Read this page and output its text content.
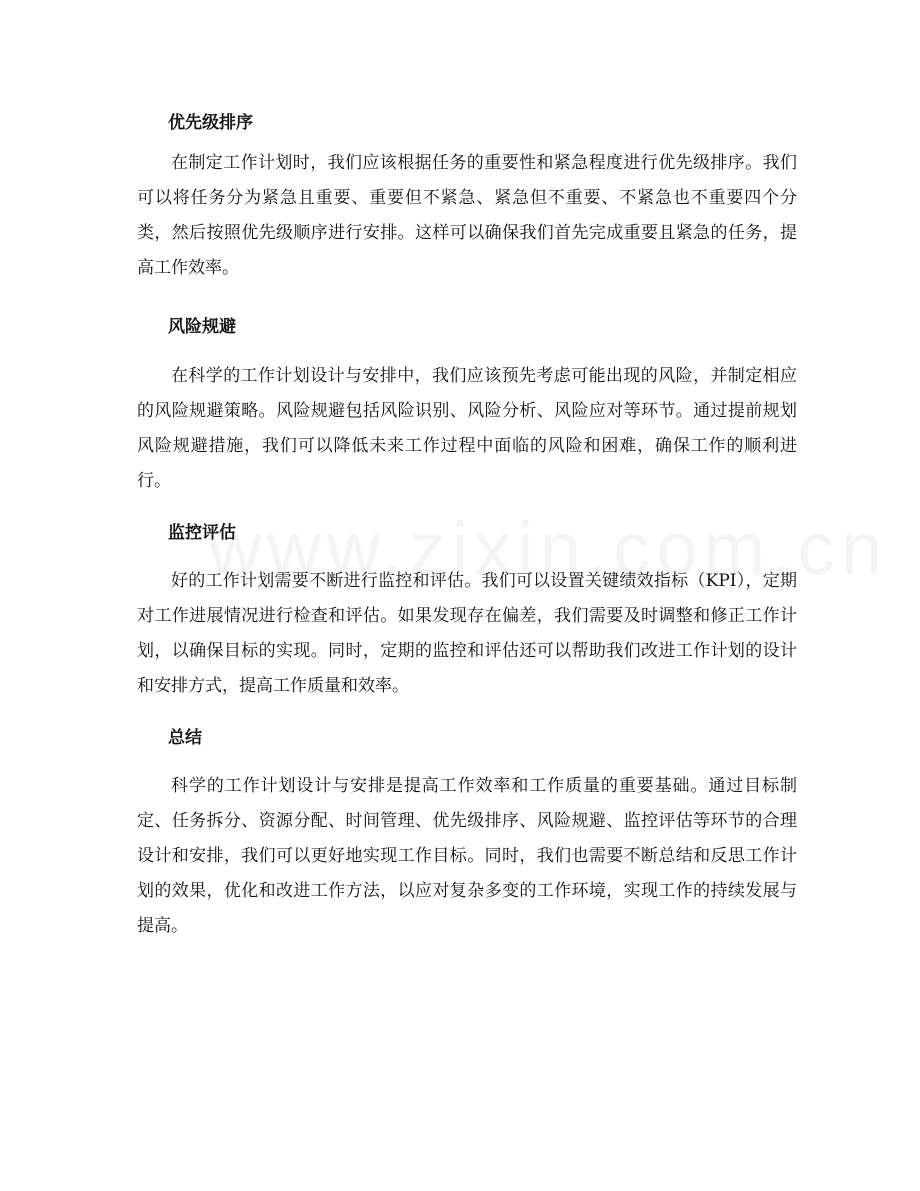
优先级排序

在制定工作计划时，我们应该根据任务的重要性和紧急程度进行优先级排序。我们可以将任务分为紧急且重要、重要但不紧急、紧急但不重要、不紧急也不重要四个分类，然后按照优先级顺序进行安排。这样可以确保我们首先完成重要且紧急的任务，提高工作效率。

风险规避

在科学的工作计划设计与安排中，我们应该预先考虑可能出现的风险，并制定相应的风险规避策略。风险规避包括风险识别、风险分析、风险应对等环节。通过提前规划风险规避措施，我们可以降低未来工作过程中面临的风险和困难，确保工作的顺利进行。

监控评估

好的工作计划需要不断进行监控和评估。我们可以设置关键绩效指标（KPI），定期对工作进展情况进行检查和评估。如果发现存在偏差，我们需要及时调整和修正工作计划，以确保目标的实现。同时，定期的监控和评估还可以帮助我们改进工作计划的设计和安排方式，提高工作质量和效率。

总结

科学的工作计划设计与安排是提高工作效率和工作质量的重要基础。通过目标制定、任务拆分、资源分配、时间管理、优先级排序、风险规避、监控评估等环节的合理设计和安排，我们可以更好地实现工作目标。同时，我们也需要不断总结和反思工作计划的效果，优化和改进工作方法，以应对复杂多变的工作环境，实现工作的持续发展与提高。
